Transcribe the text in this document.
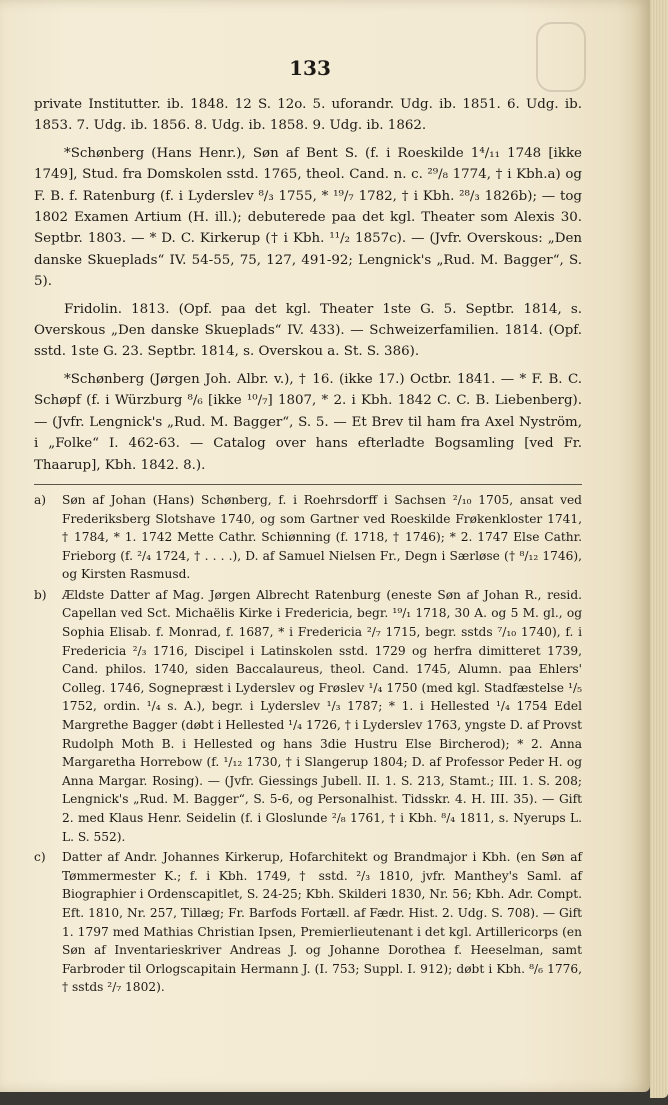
133

private Institutter. ib. 1848. 12 S. 12o. 5. uforandr. Udg. ib. 1851. 6. Udg. ib. 1853. 7. Udg. ib. 1856. 8. Udg. ib. 1858. 9. Udg. ib. 1862.

*Schønberg (Hans Henr.), Søn af Bent S. (f. i Roeskilde 1⁴/₁₁ 1748 [ikke 1749], Stud. fra Domskolen sstd. 1765, theol. Cand. n. c. ²⁹/₈ 1774, † i Kbh.a) og F. B. f. Ratenburg (f. i Lyderslev ⁸/₃ 1755, * ¹⁹/₇ 1782, † i Kbh. ²⁸/₃ 1826b); — tog 1802 Examen Artium (H. ill.); debuterede paa det kgl. Theater som Alexis 30. Septbr. 1803. — * D. C. Kirkerup († i Kbh. ¹¹/₂ 1857c). — (Jvfr. Overskous: „Den danske Skueplads“ IV. 54-55, 75, 127, 491-92; Lengnick's „Rud. M. Bagger“, S. 5).

Fridolin. 1813. (Opf. paa det kgl. Theater 1ste G. 5. Septbr. 1814, s. Overskous „Den danske Skueplads“ IV. 433). — Schweizerfamilien. 1814. (Opf. sstd. 1ste G. 23. Septbr. 1814, s. Overskou a. St. S. 386).

*Schønberg (Jørgen Joh. Albr. v.), † 16. (ikke 17.) Octbr. 1841. — * F. B. C. Schøpf (f. i Würzburg ⁸/₆ [ikke ¹⁰/₇] 1807, * 2. i Kbh. 1842 C. C. B. Liebenberg). — (Jvfr. Lengnick's „Rud. M. Bagger“, S. 5. — Et Brev til ham fra Axel Nyström, i „Folke“ I. 462-63. — Catalog over hans efterladte Bogsamling [ved Fr. Thaarup], Kbh. 1842. 8.).

a)	Søn af Johan (Hans) Schønberg, f. i Roehrsdorff i Sachsen ²/₁₀ 1705, ansat ved Frederiksberg Slotshave 1740, og som Gartner ved Roeskilde Frøkenkloster 1741, † 1784, * 1. 1742 Mette Cathr. Schiønning (f. 1718, † 1746); * 2. 1747 Else Cathr. Frieborg (f. ²/₄ 1724, † . . . .), D. af Samuel Nielsen Fr., Degn i Særløse († ⁸/₁₂ 1746), og Kirsten Rasmusd.
b)	Ældste Datter af Mag. Jørgen Albrecht Ratenburg (eneste Søn af Johan R., resid. Capellan ved Sct. Michaëlis Kirke i Fredericia, begr. ¹⁹/₁ 1718, 30 A. og 5 M. gl., og Sophia Elisab. f. Monrad, f. 1687, * i Fredericia ²/₇ 1715, begr. sstds ⁷/₁₀ 1740), f. i Fredericia ²/₃ 1716, Discipel i Latinskolen sstd. 1729 og herfra dimitteret 1739, Cand. philos. 1740, siden Baccalaureus, theol. Cand. 1745, Alumn. paa Ehlers' Colleg. 1746, Sognepræst i Lyderslev og Frøslev ¹/₄ 1750 (med kgl. Stadfæstelse ¹/₅ 1752, ordin. ¹/₄ s. A.), begr. i Lyderslev ¹/₃ 1787; * 1. i Hellested ¹/₄ 1754 Edel Margrethe Bagger (døbt i Hellested ¹/₄ 1726, † i Lyderslev 1763, yngste D. af Provst Rudolph Moth B. i Hellested og hans 3die Hustru Else Bircherod); * 2. Anna Margaretha Horrebow (f. ¹/₁₂ 1730, † i Slangerup 1804; D. af Professor Peder H. og Anna Margar. Rosing). — (Jvfr. Giessings Jubell. II. 1. S. 213, Stamt.; III. 1. S. 208; Lengnick's „Rud. M. Bagger“, S. 5-6, og Personalhist. Tidsskr. 4. H. III. 35). — Gift 2. med Klaus Henr. Seidelin (f. i Gloslunde ²/₈ 1761, † i Kbh. ⁸/₄ 1811, s. Nyerups L. L. S. 552).
c)	Datter af Andr. Johannes Kirkerup, Hofarchitekt og Brandmajor i Kbh. (en Søn af Tømmermester K.; f. i Kbh. 1749, † sstd. ²/₃ 1810, jvfr. Manthey's Saml. af Biographier i Ordenscapitlet, S. 24-25; Kbh. Skilderi 1830, Nr. 56; Kbh. Adr. Compt. Eft. 1810, Nr. 257, Tillæg; Fr. Barfods Fortæll. af Fædr. Hist. 2. Udg. S. 708). — Gift 1. 1797 med Mathias Christian Ipsen, Premierlieutenant i det kgl. Artillericorps (en Søn af Inventarieskriver Andreas J. og Johanne Dorothea f. Heeselman, samt Farbroder til Orlogscapitain Hermann J. (I. 753; Suppl. I. 912); døbt i Kbh. ⁸/₆ 1776, † sstds ²/₇ 1802).
